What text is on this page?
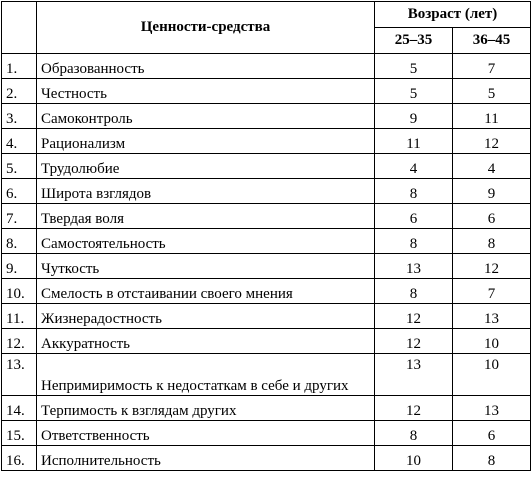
	Ценности-средства	Возраст (лет)	
		25–35	36–45
1.	Образованность	5	7
2.	Честность	5	5
3.	Самоконтроль	9	11
4.	Рационализм	11	12
5.	Трудолюбие	4	4
6.	Широта взглядов	8	9
7.	Твердая воля	6	6
8.	Самостоятельность	8	8
9.	Чуткость	13	12
10.	Смелость в отстаивании своего мнения	8	7
11.	Жизнерадостность	12	13
12.	Аккуратность	12	10
13.	Непримиримость к недостаткам в себе и других	13	10
14.	Терпимость к взглядам других	12	13
15.	Ответственность	8	6
16.	Исполнительность	10	8
